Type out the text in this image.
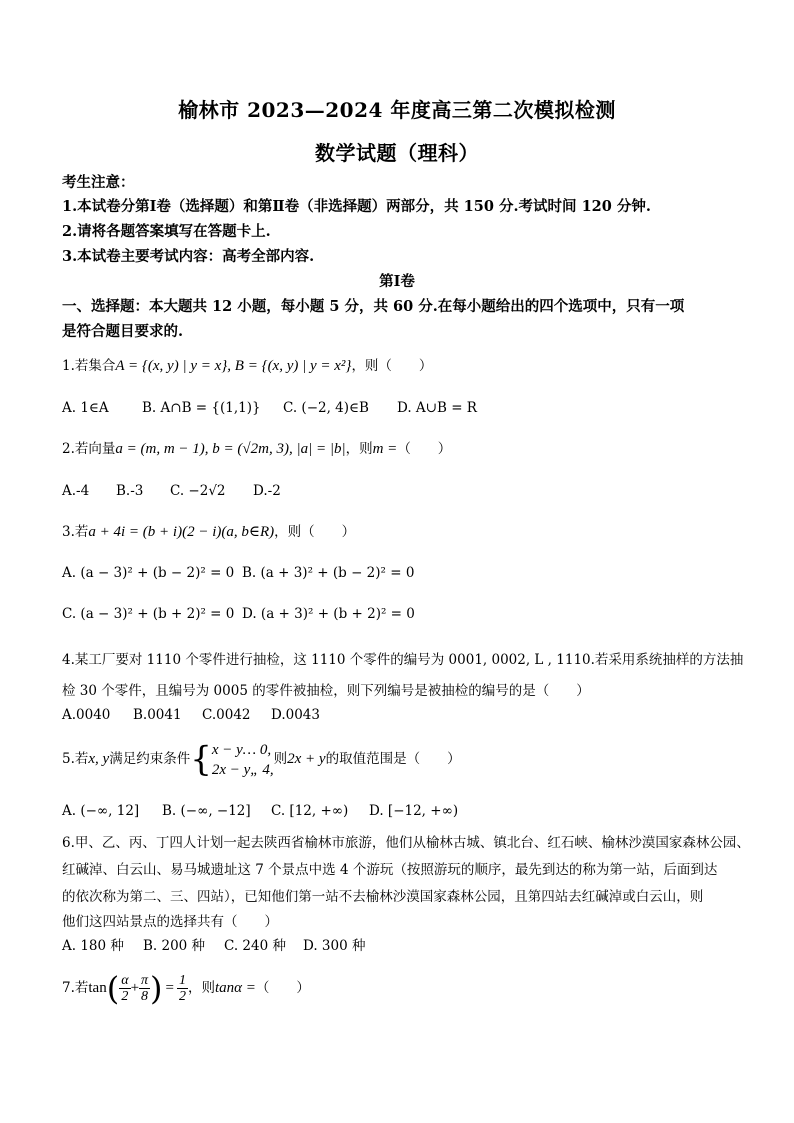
榆林市 2023—2024 年度高三第二次模拟检测
数学试题（理科）
考生注意：
1.本试卷分第Ⅰ卷（选择题）和第Ⅱ卷（非选择题）两部分，共 150 分.考试时间 120 分钟.
2.请将各题答案填写在答题卡上.
3.本试卷主要考试内容：高考全部内容.
第Ⅰ卷
一、选择题：本大题共 12 小题，每小题 5 分，共 60 分.在每小题给出的四个选项中，只有一项
是符合题目要求的.
1.若集合A = {(x, y) | y = x}, B = {(x, y) | y = x²}，则（　　）
A. 1∈A B. A∩B = {(1,1)} C. (−2, 4)∈B D. A∪B = R
2.若向量a = (m, m − 1), b = (√2m, 3), |a| = |b|，则m =（　　）
A.-4 B.-3 C. −2√2 D.-2
3.若a + 4i = (b + i)(2 − i)(a, b∈R)，则（　　）
A. (a − 3)² + (b − 2)² = 0 B. (a + 3)² + (b − 2)² = 0
C. (a − 3)² + (b + 2)² = 0 D. (a + 3)² + (b + 2)² = 0
4.某工厂要对 1110 个零件进行抽检，这 1110 个零件的编号为 0001, 0002, L , 1110.若采用系统抽样的方法抽
检 30 个零件，且编号为 0005 的零件被抽检，则下列编号是被抽检的编号的是（　　）
A.0040 B.0041 C.0042 D.0043
5.若x, y满足约束条件{ x − y… 0,
2x − y„ 4,
则2x + y的取值范围是（　　）
A. (−∞, 12] B. (−∞, −12] C. [12, +∞) D. [−12, +∞)
6.甲、乙、丙、丁四人计划一起去陕西省榆林市旅游，他们从榆林古城、镇北台、红石峡、榆林沙漠国家森林公园、
红碱淖、白云山、易马城遗址这 7 个景点中选 4 个游玩（按照游玩的顺序，最先到达的称为第一站，后面到达
的依次称为第二、三、四站），已知他们第一站不去榆林沙漠国家森林公园，且第四站去红碱淖或白云山，则
他们这四站景点的选择共有（　　）
A. 180 种 B. 200 种 C. 240 种 D. 300 种
7.若$\tan( \frac{\alpha}{2} + \frac{\pi}{8}$ ) = $\frac{1}{2}$ ，则tanα =（　　）
